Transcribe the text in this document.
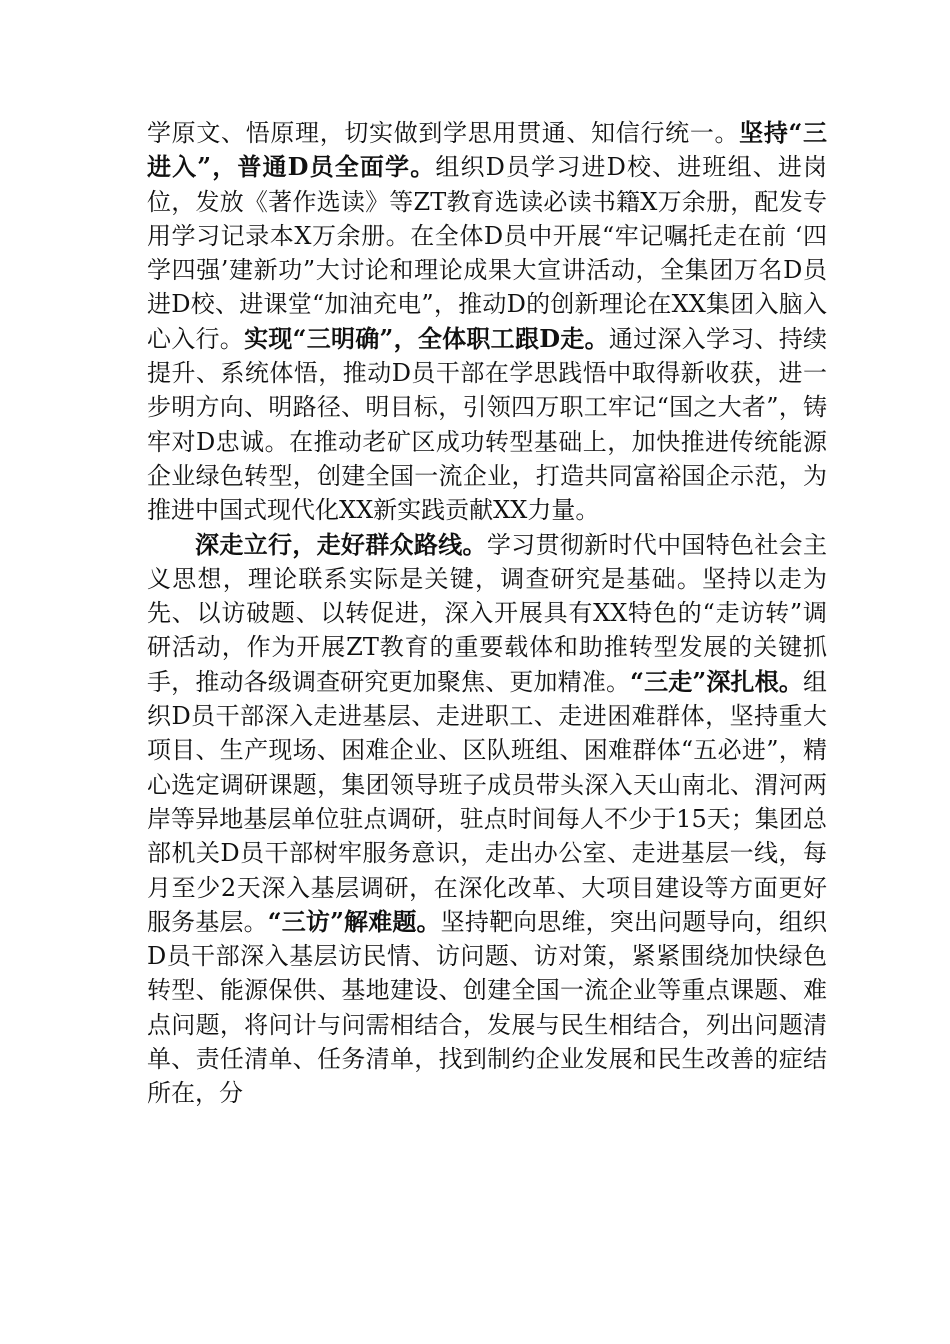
学原文、悟原理，切实做到学思用贯通、知信行统一。坚持“三进入”，普通D员全面学。组织D员学习进D校、进班组、进岗位，发放《著作选读》等ZT教育选读必读书籍X万余册，配发专用学习记录本X万余册。在全体D员中开展“牢记嘱托走在前 ‘四学四强’建新功”大讨论和理论成果大宣讲活动，全集团万名D员进D校、进课堂“加油充电”，推动D的创新理论在XX集团入脑入心入行。实现“三明确”，全体职工跟D走。通过深入学习、持续提升、系统体悟，推动D员干部在学思践悟中取得新收获，进一步明方向、明路径、明目标，引领四万职工牢记“国之大者”，铸牢对D忠诚。在推动老矿区成功转型基础上，加快推进传统能源企业绿色转型，创建全国一流企业，打造共同富裕国企示范，为推进中国式现代化XX新实践贡献XX力量。

深走立行，走好群众路线。学习贯彻新时代中国特色社会主义思想，理论联系实际是关键，调查研究是基础。坚持以走为先、以访破题、以转促进，深入开展具有XX特色的“走访转”调研活动，作为开展ZT教育的重要载体和助推转型发展的关键抓手，推动各级调查研究更加聚焦、更加精准。“三走”深扎根。组织D员干部深入走进基层、走进职工、走进困难群体，坚持重大项目、生产现场、困难企业、区队班组、困难群体“五必进”，精心选定调研课题，集团领导班子成员带头深入天山南北、渭河两岸等异地基层单位驻点调研，驻点时间每人不少于15天；集团总部机关D员干部树牢服务意识，走出办公室、走进基层一线，每月至少2天深入基层调研，在深化改革、大项目建设等方面更好服务基层。“三访”解难题。坚持靶向思维，突出问题导向，组织D员干部深入基层访民情、访问题、访对策，紧紧围绕加快绿色转型、能源保供、基地建设、创建全国一流企业等重点课题、难点问题，将问计与问需相结合，发展与民生相结合，列出问题清单、责任清单、任务清单，找到制约企业发展和民生改善的症结所在，分
